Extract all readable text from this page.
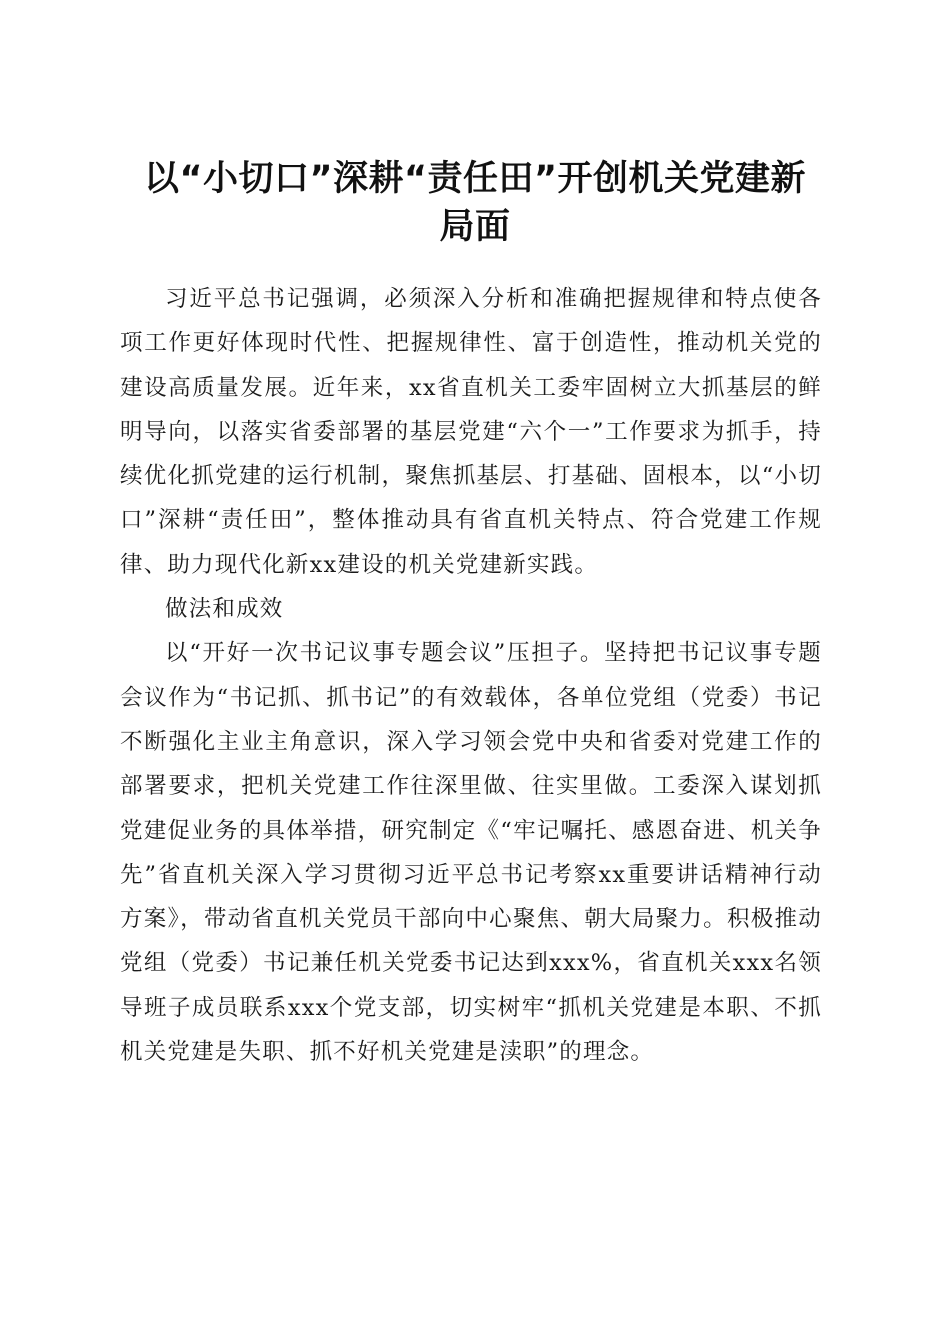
以“小切口”深耕“责任田”开创机关党建新
局面

习近平总书记强调，必须深入分析和准确把握规律和特点使各项工作更好体现时代性、把握规律性、富于创造性，推动机关党的建设高质量发展。近年来，xx省直机关工委牢固树立大抓基层的鲜明导向，以落实省委部署的基层党建“六个一”工作要求为抓手，持续优化抓党建的运行机制，聚焦抓基层、打基础、固根本，以“小切口”深耕“责任田”，整体推动具有省直机关特点、符合党建工作规律、助力现代化新xx建设的机关党建新实践。

做法和成效

以“开好一次书记议事专题会议”压担子。坚持把书记议事专题会议作为“书记抓、抓书记”的有效载体，各单位党组（党委）书记不断强化主业主角意识，深入学习领会党中央和省委对党建工作的部署要求，把机关党建工作往深里做、往实里做。工委深入谋划抓党建促业务的具体举措，研究制定《“牢记嘱托、感恩奋进、机关争先”省直机关深入学习贯彻习近平总书记考察xx重要讲话精神行动方案》，带动省直机关党员干部向中心聚焦、朝大局聚力。积极推动党组（党委）书记兼任机关党委书记达到xxx%，省直机关xxx名领导班子成员联系xxx个党支部，切实树牢“抓机关党建是本职、不抓机关党建是失职、抓不好机关党建是渎职”的理念。
